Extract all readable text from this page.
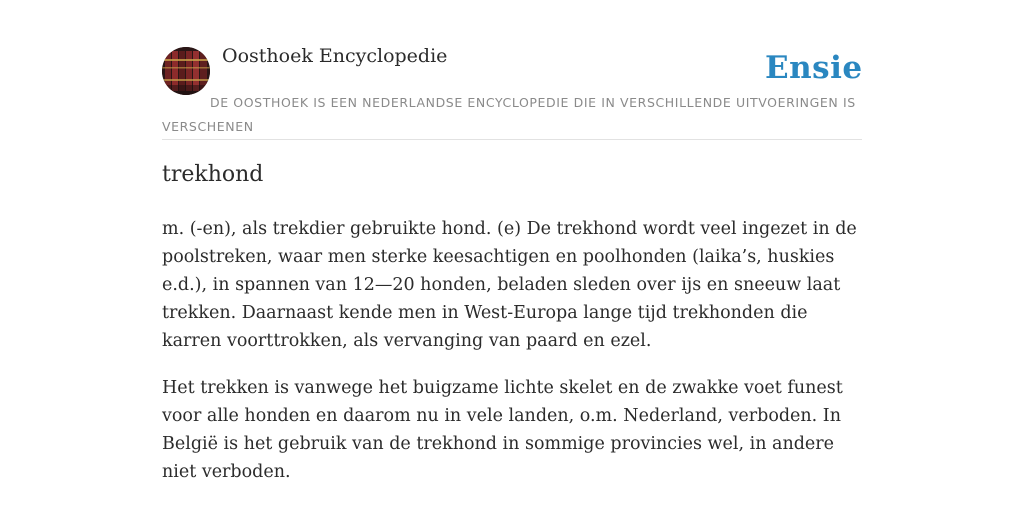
Oosthoek Encyclopedie	Ensie
DE OOSTHOEK IS EEN NEDERLANDSE ENCYCLOPEDIE DIE IN VERSCHILLENDE UITVOERINGEN IS VERSCHENEN
trekhond

m. (-en), als trekdier gebruikte hond. (e) De trekhond wordt veel ingezet in de poolstreken, waar men sterke keesachtigen en poolhonden (laika’s, huskies e.d.), in spannen van 12—20 honden, beladen sleden over ijs en sneeuw laat trekken. Daarnaast kende men in West-Europa lange tijd trekhonden die karren voorttrokken, als vervanging van paard en ezel.

Het trekken is vanwege het buigzame lichte skelet en de zwakke voet funest voor alle honden en daarom nu in vele landen, o.m. Nederland, verboden. In België is het gebruik van de trekhond in sommige provincies wel, in andere niet verboden.
